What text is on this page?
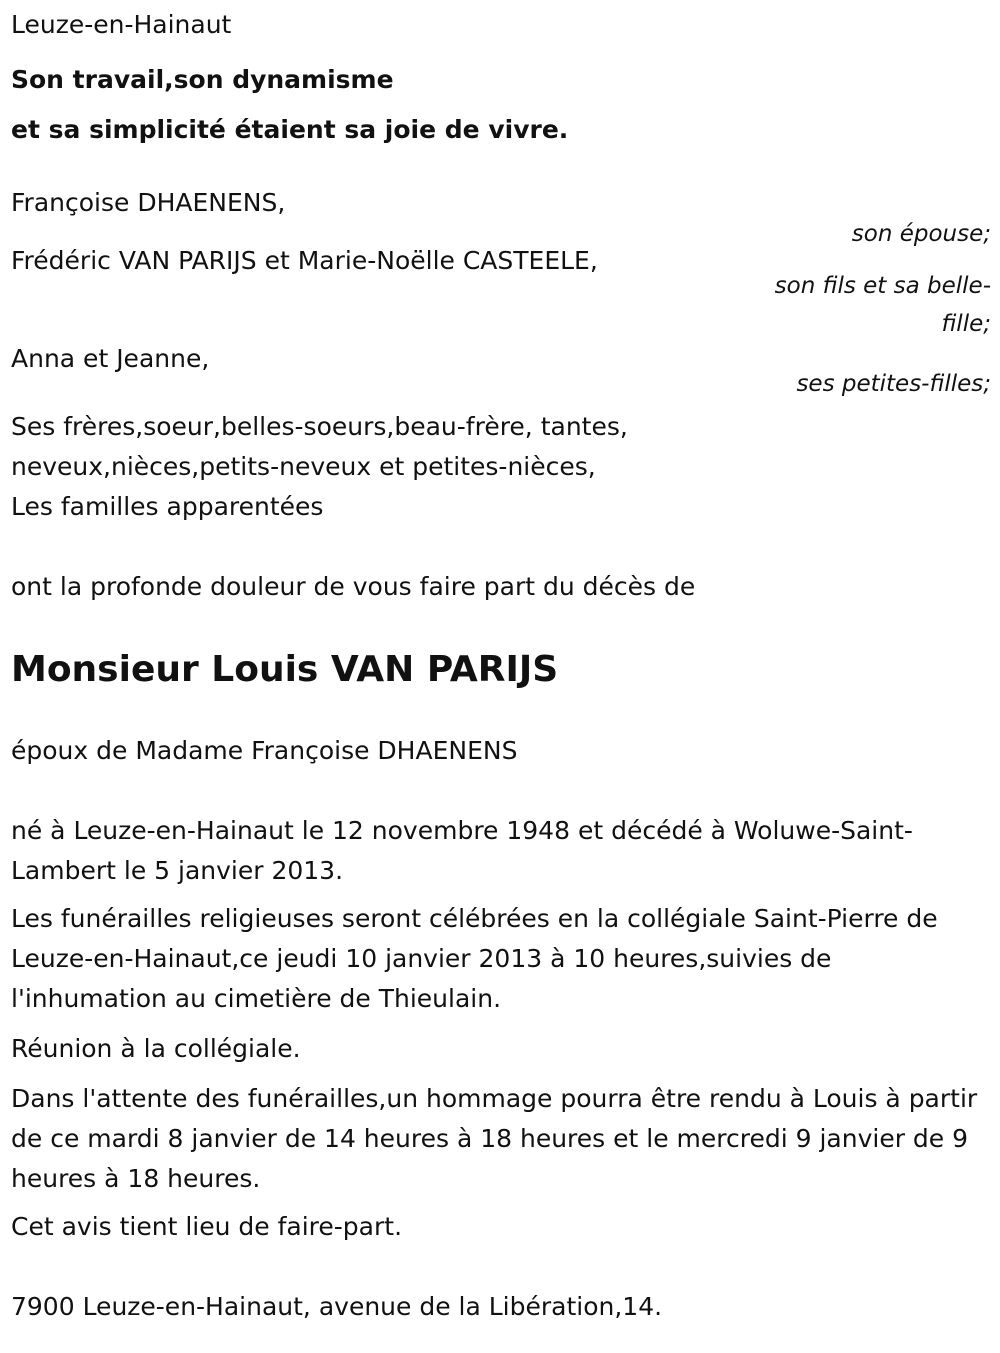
Leuze-en-Hainaut
Son travail,son dynamisme
et sa simplicité étaient sa joie de vivre.
Françoise DHAENENS,
son épouse;
Frédéric VAN PARIJS et Marie-Noëlle CASTEELE,
son fils et sa belle-fille;
Anna et Jeanne,
ses petites-filles;
Ses frères,soeur,belles-soeurs,beau-frère, tantes,
neveux,nièces,petits-neveux et petites-nièces,
Les familles apparentées
ont la profonde douleur de vous faire part du décès de
Monsieur Louis VAN PARIJS
époux de Madame Françoise DHAENENS
né à Leuze-en-Hainaut le 12 novembre 1948 et décédé à Woluwe-Saint-Lambert le 5 janvier 2013.
Les funérailles religieuses seront célébrées en la collégiale Saint-Pierre de Leuze-en-Hainaut,ce jeudi 10 janvier 2013 à 10 heures,suivies de l'inhumation au cimetière de Thieulain.
Réunion à la collégiale.
Dans l'attente des funérailles,un hommage pourra être rendu à Louis à partir de ce mardi 8 janvier de 14 heures à 18 heures et le mercredi 9 janvier de 9 heures à 18 heures.
Cet avis tient lieu de faire-part.
7900 Leuze-en-Hainaut, avenue de la Libération,14.
